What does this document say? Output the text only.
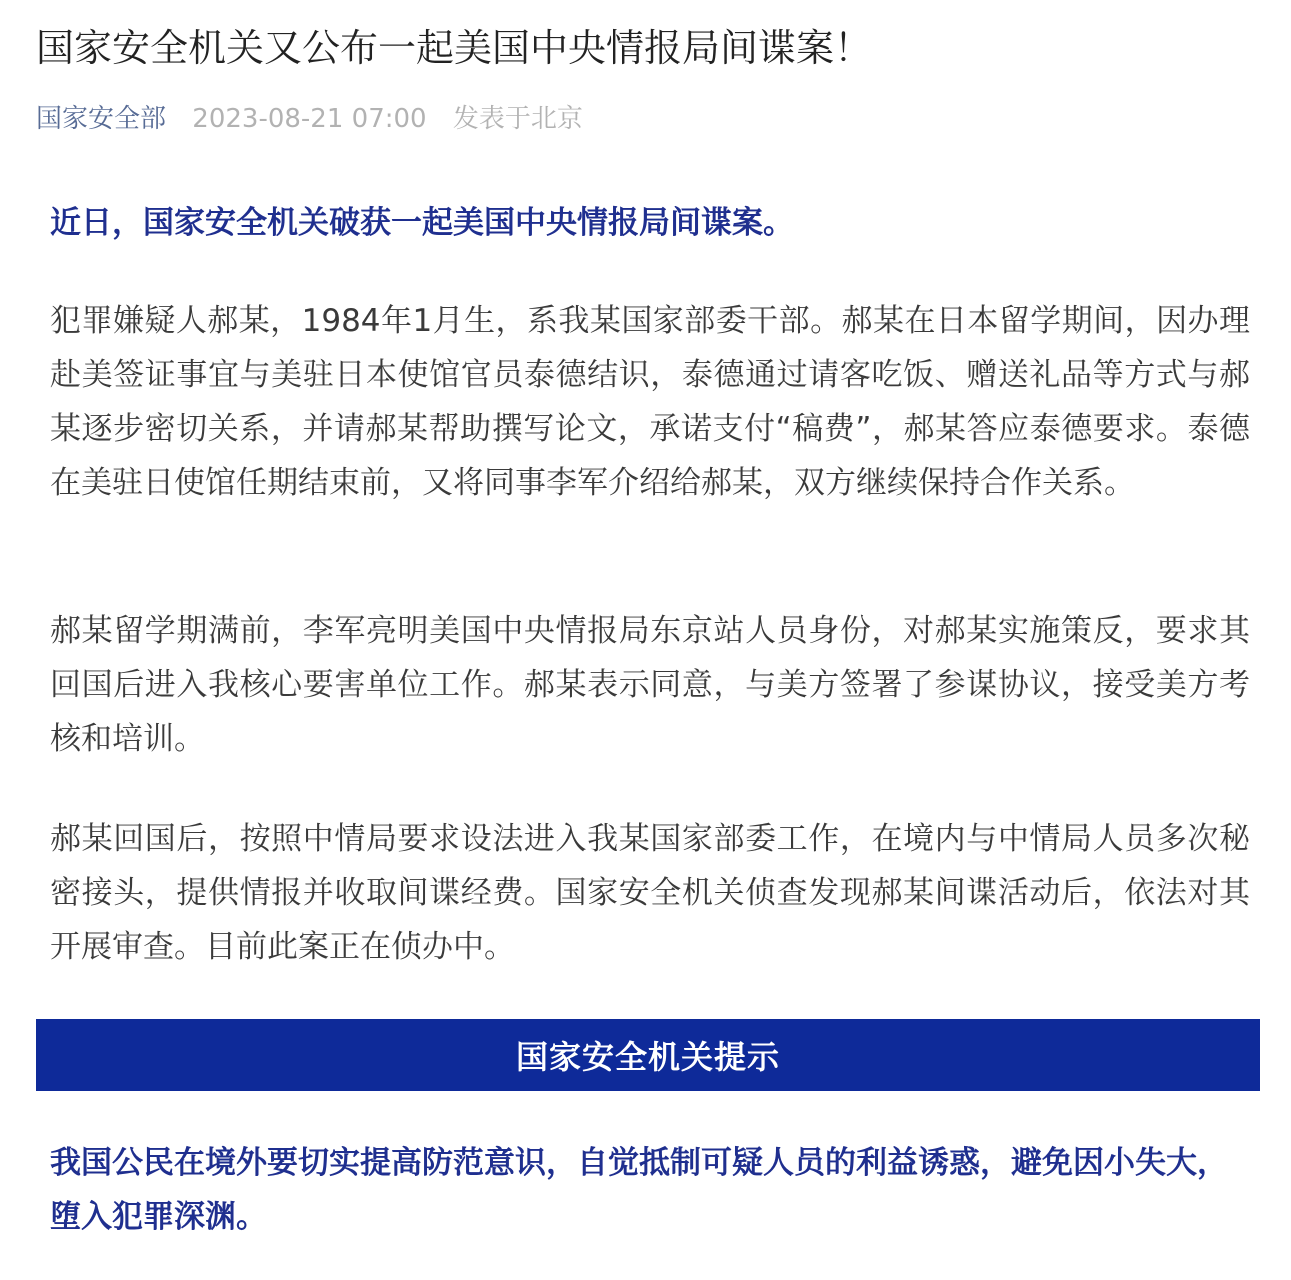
国家安全机关又公布一起美国中央情报局间谍案！
国家安全部 2023-08-21 07:00 发表于北京

近日，国家安全机关破获一起美国中央情报局间谍案。

犯罪嫌疑人郝某，1984年1月生，系我某国家部委干部。郝某在日本留学期间，因办理赴美签证事宜与美驻日本使馆官员泰德结识，泰德通过请客吃饭、赠送礼品等方式与郝某逐步密切关系，并请郝某帮助撰写论文，承诺支付“稿费”，郝某答应泰德要求。泰德在美驻日使馆任期结束前，又将同事李军介绍给郝某，双方继续保持合作关系。

郝某留学期满前，李军亮明美国中央情报局东京站人员身份，对郝某实施策反，要求其回国后进入我核心要害单位工作。郝某表示同意，与美方签署了参谋协议，接受美方考核和培训。

郝某回国后，按照中情局要求设法进入我某国家部委工作，在境内与中情局人员多次秘密接头，提供情报并收取间谍经费。国家安全机关侦查发现郝某间谍活动后，依法对其开展审查。目前此案正在侦办中。

国家安全机关提示

我国公民在境外要切实提高防范意识，自觉抵制可疑人员的利益诱惑，避免因小失大，堕入犯罪深渊。
